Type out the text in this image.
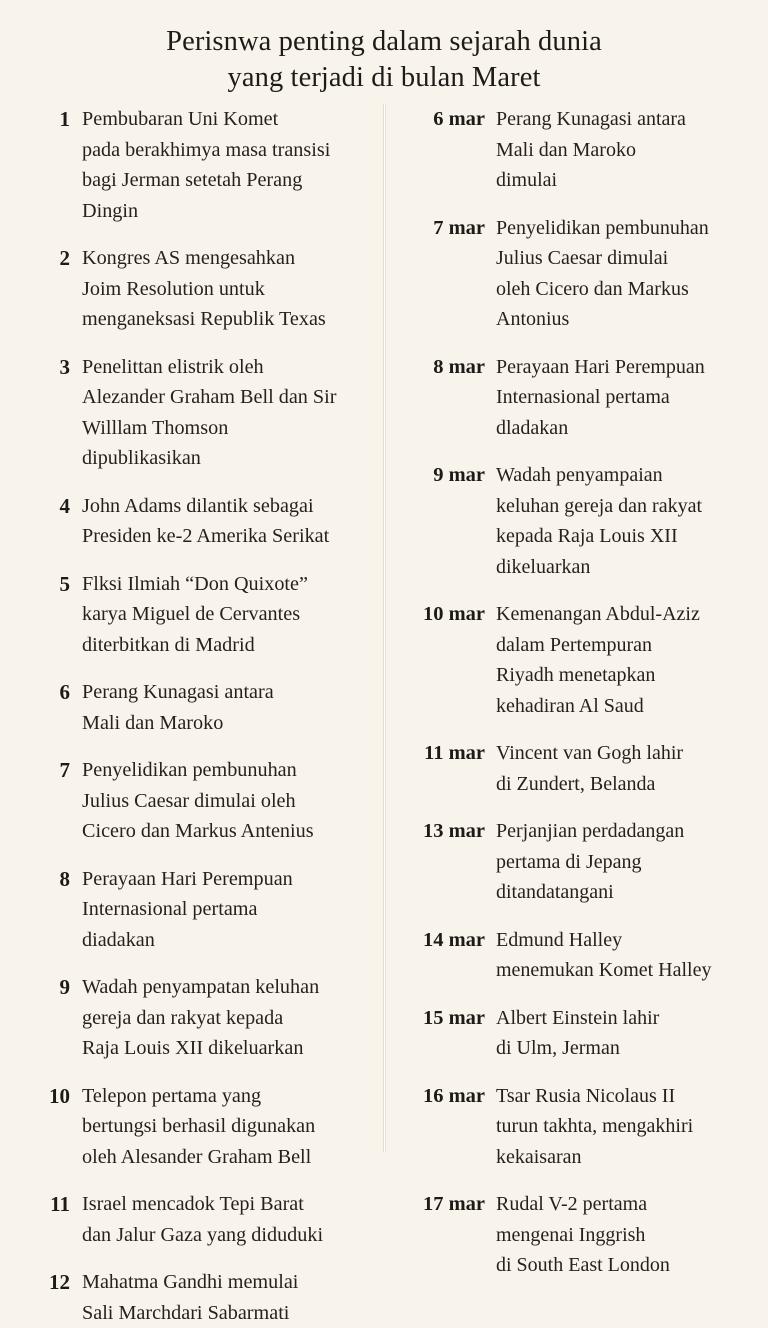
Perisnwa penting dalam sejarah dunia
yang terjadi di bulan Maret
1 Pembubaran Uni Komet
pada berakhimya masa transisi
bagi Jerman setetah Perang
Dingin
2 Kongres AS mengesahkan
Joim Resolution untuk
menganeksasi Republik Texas
3 Penelittan elistrik oleh
Alezander Graham Bell dan Sir
Willlam Thomson
dipublikasikan
4 John Adams dilantik sebagai
Presiden ke-2 Amerika Serikat
5 Flksi Ilmiah “Don Quixote”
karya Miguel de Cervantes
diterbitkan di Madrid
6 Perang Kunagasi antara
Mali dan Maroko
7 Penyelidikan pembunuhan
Julius Caesar dimulai oleh
Cicero dan Markus Antenius
8 Perayaan Hari Perempuan
Internasional pertama
diadakan
9 Wadah penyampatan keluhan
gereja dan rakyat kepada
Raja Louis XII dikeluarkan
10 Telepon pertama yang
bertungsi berhasil digunakan
oleh Alesander Graham Bell
11 Israel mencadok Tepi Barat
dan Jalur Gaza yang diduduki
12 Mahatma Gandhi memulai
Sali Marchdari Sabarmati
6 mar Perang Kunagasi antara
Mali dan Maroko
dimulai
7 mar Penyelidikan pembunuhan
Julius Caesar dimulai
oleh Cicero dan Markus
Antonius
8 mar Perayaan Hari Perempuan
Internasional pertama
dladakan
9 mar Wadah penyampaian
keluhan gereja dan rakyat
kepada Raja Louis XII
dikeluarkan
10 mar Kemenangan Abdul-Aziz
dalam Pertempuran
Riyadh menetapkan
kehadiran Al Saud
11 mar Vincent van Gogh lahir
di Zundert, Belanda
13 mar Perjanjian perdadangan
pertama di Jepang
ditandatangani
14 mar Edmund Halley
menemukan Komet Halley
15 mar Albert Einstein lahir
di Ulm, Jerman
16 mar Tsar Rusia Nicolaus II
turun takhta, mengakhiri
kekaisaran
17 mar Rudal V-2 pertama
mengenai Inggrish
di South East London
